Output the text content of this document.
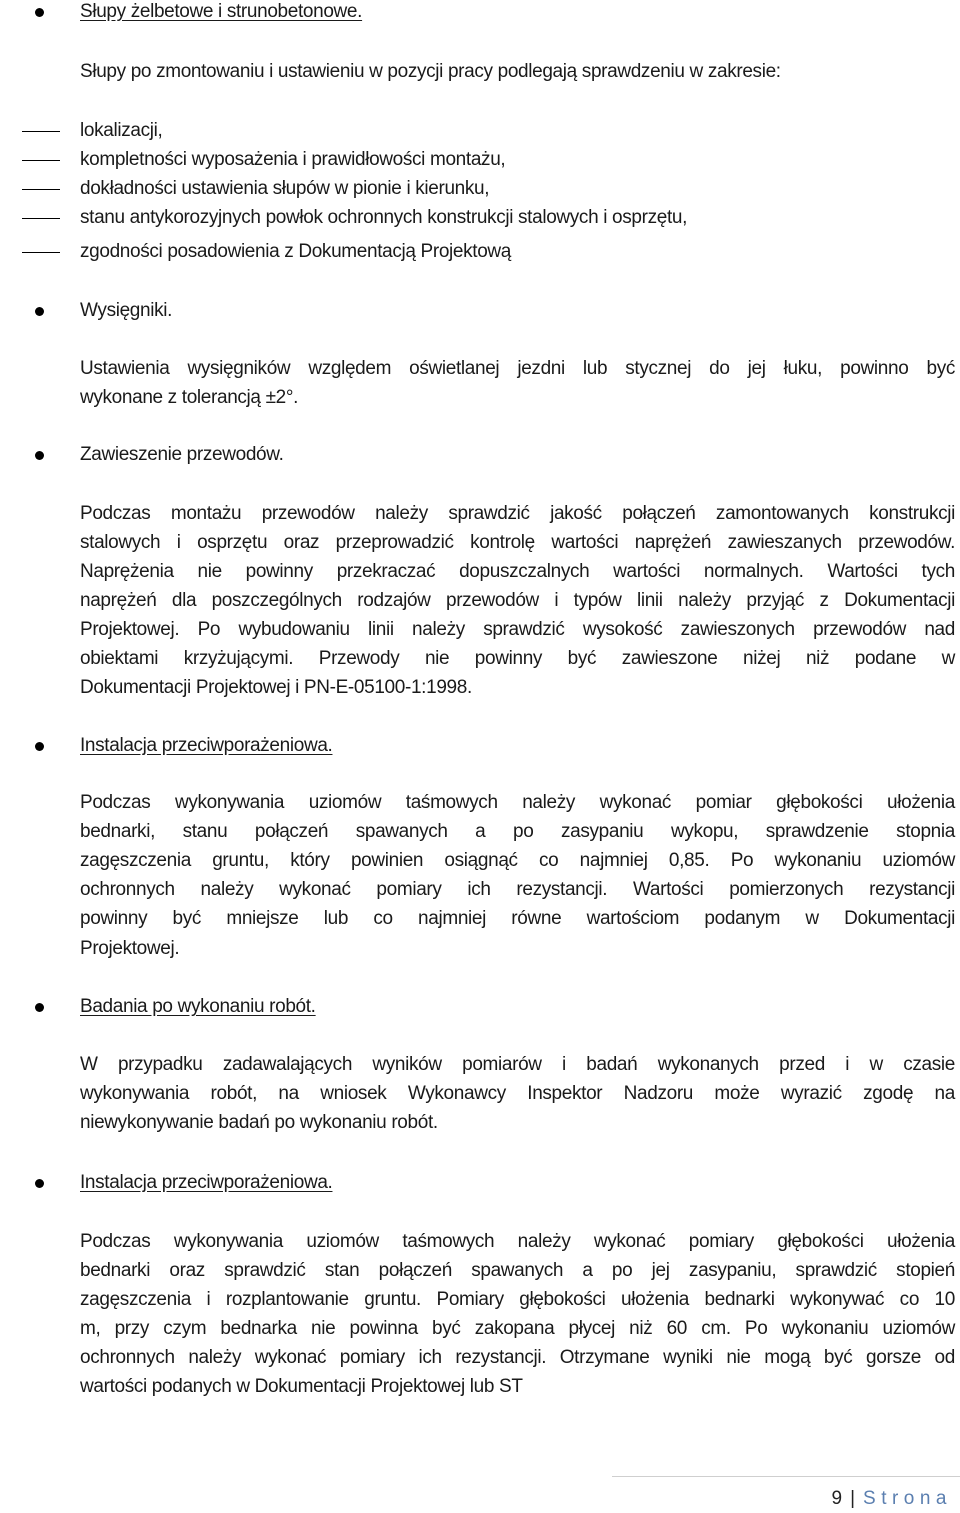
Słupy żelbetowe i strunobetonowe.
Słupy po zmontowaniu i ustawieniu w pozycji pracy podlegają sprawdzeniu w zakresie:
lokalizacji,
kompletności wyposażenia i prawidłowości montażu,
dokładności ustawienia słupów w pionie i kierunku,
stanu antykorozyjnych powłok ochronnych konstrukcji stalowych i osprzętu,
zgodności posadowienia z Dokumentacją Projektową
Wysięgniki.
Ustawienia wysięgników względem oświetlanej jezdni lub stycznej do jej łuku, powinno być
wykonane z tolerancją ±2°.
Zawieszenie przewodów.
Podczas montażu przewodów należy sprawdzić jakość połączeń zamontowanych konstrukcji
stalowych i osprzętu oraz przeprowadzić kontrolę wartości naprężeń zawieszanych przewodów.
Naprężenia nie powinny przekraczać dopuszczalnych wartości normalnych. Wartości tych
naprężeń dla poszczególnych rodzajów przewodów i typów linii należy przyjąć z Dokumentacji
Projektowej. Po wybudowaniu linii należy sprawdzić wysokość zawieszonych przewodów nad
obiektami krzyżującymi. Przewody nie powinny być zawieszone niżej niż podane w
Dokumentacji Projektowej i PN-E-05100-1:1998.
Instalacja przeciwporażeniowa.
Podczas wykonywania uziomów taśmowych należy wykonać pomiar głębokości ułożenia
bednarki, stanu połączeń spawanych a po zasypaniu wykopu, sprawdzenie stopnia
zagęszczenia gruntu, który powinien osiągnąć co najmniej 0,85. Po wykonaniu uziomów
ochronnych należy wykonać pomiary ich rezystancji. Wartości pomierzonych rezystancji
powinny być mniejsze lub co najmniej równe wartościom podanym w Dokumentacji
Projektowej.
Badania po wykonaniu robót.
W przypadku zadawalających wyników pomiarów i badań wykonanych przed i w czasie
wykonywania robót, na wniosek Wykonawcy Inspektor Nadzoru może wyrazić zgodę na
niewykonywanie badań po wykonaniu robót.
Instalacja przeciwporażeniowa.
Podczas wykonywania uziomów taśmowych należy wykonać pomiary głębokości ułożenia
bednarki oraz sprawdzić stan połączeń spawanych a po jej zasypaniu, sprawdzić stopień
zagęszczenia i rozplantowanie gruntu. Pomiary głębokości ułożenia bednarki wykonywać co 10
m, przy czym bednarka nie powinna być zakopana płycej niż 60 cm. Po wykonaniu uziomów
ochronnych należy wykonać pomiary ich rezystancji. Otrzymane wyniki nie mogą być gorsze od
wartości podanych w Dokumentacji Projektowej lub ST
9 | Strona
